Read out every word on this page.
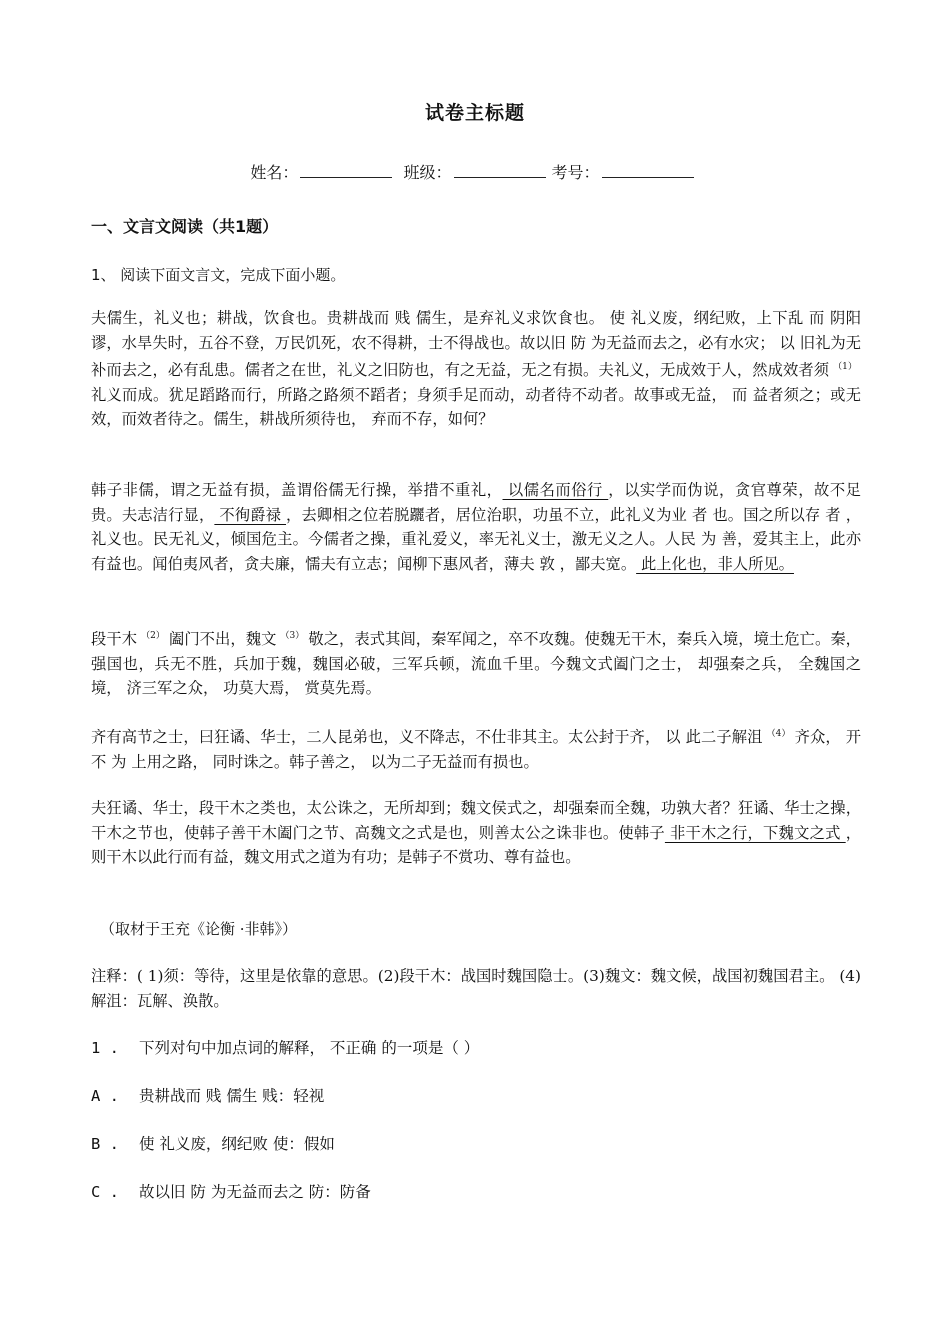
试卷主标题
姓名：	班级：	考号：
一、文言文阅读（共1题）
1、 阅读下面文言文，完成下面小题。
夫儒生，礼义也；耕战，饮食也。贵耕战而 贱 儒生，是弃礼义求饮食也。 使 礼义废，纲纪败，上下乱 而 阴阳谬，水旱失时，五谷不登，万民饥死，农不得耕，士不得战也。故以旧 防 为无益而去之，必有水灾； 以 旧礼为无补而去之，必有乱患。儒者之在世，礼义之旧防也，有之无益，无之有损。夫礼义，无成效于人，然成效者须 $^{(1)}$礼义而成。犹足蹈路而行，所路之路须不蹈者；身须手足而动，动者待不动者。故事或无益， 而 益者须之；或无效，而效者待之。儒生，耕战所须待也， 弃而不存，如何？
韩子非儒，谓之无益有损，盖谓俗儒无行操，举措不重礼， 以儒名而俗行 ，以实学而伪说，贪官尊荣，故不足贵。夫志洁行显， 不徇爵禄 ，去卿相之位若脱躧者，居位治职，功虽不立，此礼义为业 者 也。国之所以存 者 ，礼义也。民无礼义，倾国危主。今儒者之操，重礼爱义，率无礼义士，激无义之人。人民 为 善，爱其主上，此亦有益也。闻伯夷风者，贪夫廉，懦夫有立志；闻柳下惠风者，薄夫 敦 ，鄙夫宽。 此上化也，非人所见。
段干木 $^{(2)}$ 阖门不出，魏文 $^{(3)}$ 敬之，表式其闾，秦军闻之，卒不攻魏。使魏无干木，秦兵入境，境土危亡。秦，强国也，兵无不胜，兵加于魏，魏国必破，三军兵顿，流血千里。今魏文式阖门之士， 却强秦之兵， 全魏国之境， 济三军之众， 功莫大焉， 赏莫先焉。
齐有高节之士，曰狂谲、华士，二人昆弟也，义不降志，不仕非其主。太公封于齐， 以 此二子解沮 $^{(4)}$ 齐众， 开不 为 上用之路， 同时诛之。韩子善之， 以为二子无益而有损也。
夫狂谲、华士，段干木之类也，太公诛之，无所却到；魏文侯式之，却强秦而全魏，功孰大者？狂谲、华士之操，干木之节也，使韩子善干木阖门之节、高魏文之式是也，则善太公之诛非也。使韩子 非干木之行，下魏文之式 ，则干木以此行而有益，魏文用式之道为有功；是韩子不赏功、尊有益也。
（取材于王充《论衡 ·非韩》）
注释：( 1)须：等待，这里是依靠的意思。(2)段干木：战国时魏国隐士。(3)魏文：魏文候，战国初魏国君主。 (4) 解沮：瓦解、涣散。
1 . 下列对句中加点词的解释， 不正确 的一项是（ ）
A . 贵耕战而 贱 儒生 贱：轻视
B . 使 礼义废，纲纪败 使：假如
C . 故以旧 防 为无益而去之 防：防备
